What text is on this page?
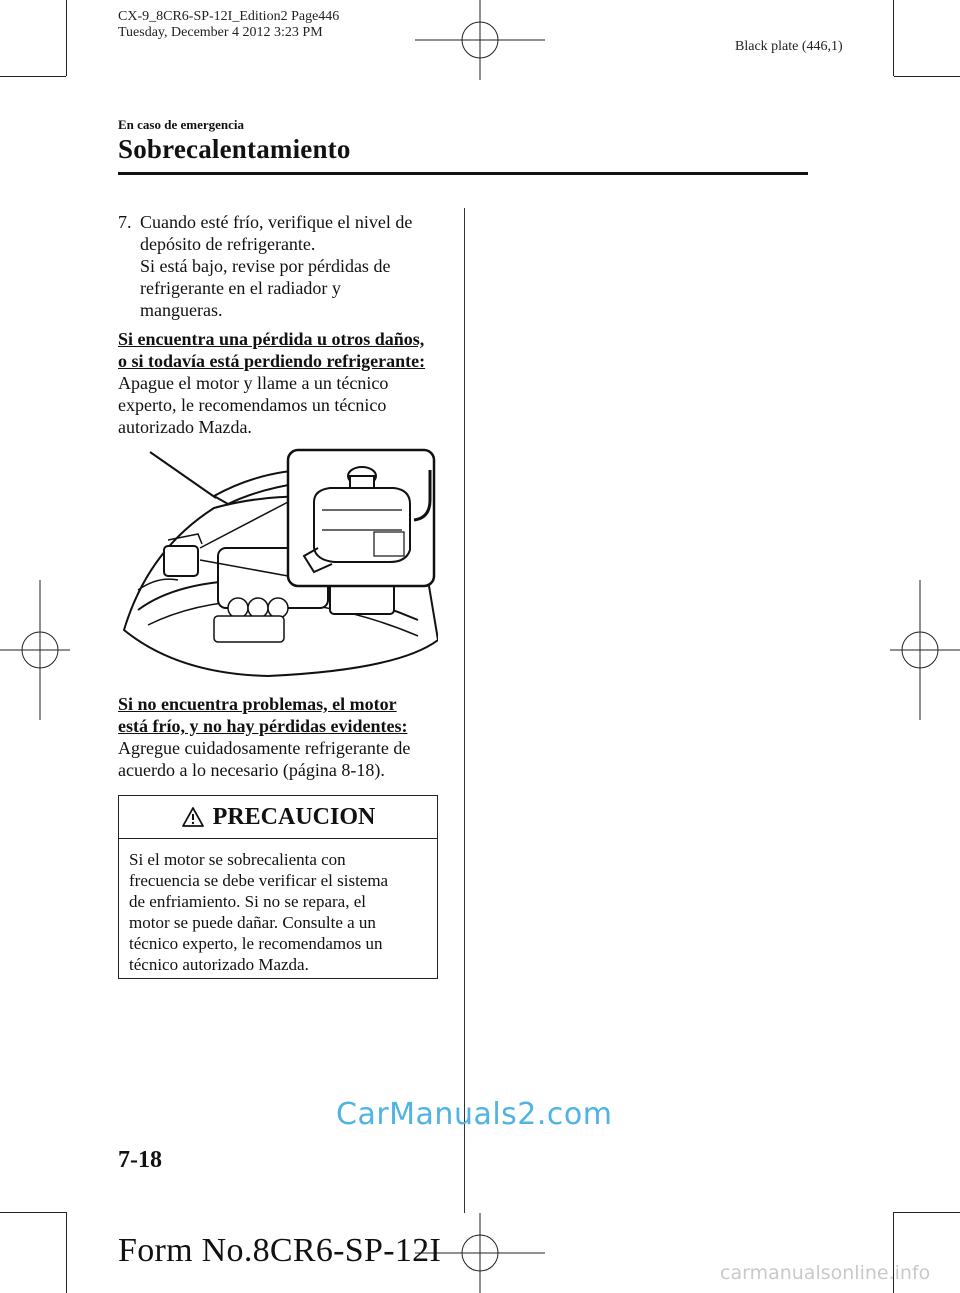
CX-9_8CR6-SP-12I_Edition2 Page446
Tuesday, December 4 2012 3:23 PM
Black plate (446,1)
En caso de emergencia
Sobrecalentamiento
7. Cuando esté frío, verifique el nivel de
depósito de refrigerante.
Si está bajo, revise por pérdidas de
refrigerante en el radiador y
mangueras.
Si encuentra una pérdida u otros daños,
o si todavía está perdiendo refrigerante:
Apague el motor y llame a un técnico
experto, le recomendamos un técnico
autorizado Mazda.
Si no encuentra problemas, el motor
está frío, y no hay pérdidas evidentes:
Agregue cuidadosamente refrigerante de
acuerdo a lo necesario (página 8-18).
PRECAUCION
Si el motor se sobrecalienta con
frecuencia se debe verificar el sistema
de enfriamiento. Si no se repara, el
motor se puede dañar. Consulte a un
técnico experto, le recomendamos un
técnico autorizado Mazda.
CarManuals2.com
7-18
Form No.8CR6-SP-12I
carmanualsonline.info
